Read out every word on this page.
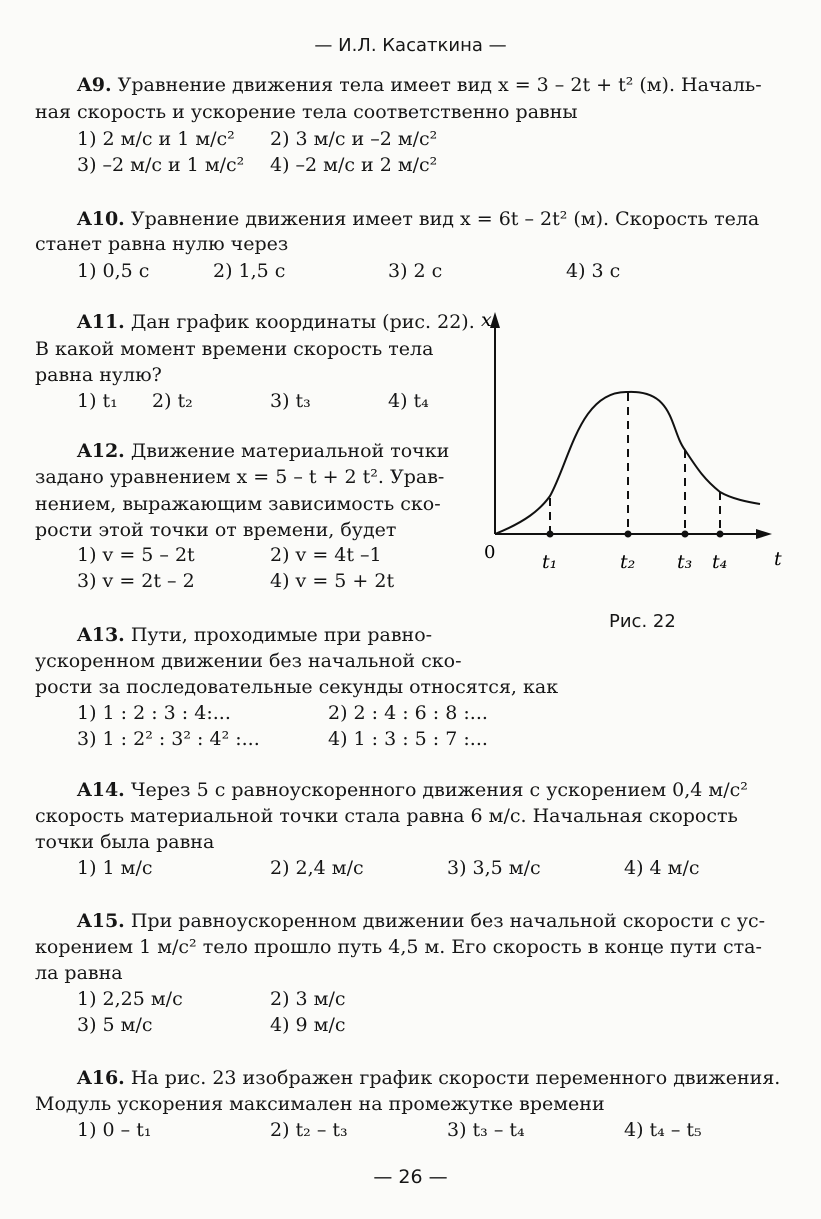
— И.Л. Касаткина —
A9. Уравнение движения тела имеет вид x = 3 – 2t + t² (м). Началь-
ная скорость и ускорение тела соответственно равны
1) 2 м/с и 1 м/с² 2) 3 м/с и –2 м/с²
3) –2 м/с и 1 м/с² 4) –2 м/с и 2 м/с²
A10. Уравнение движения имеет вид x = 6t – 2t² (м). Скорость тела
станет равна нулю через
1) 0,5 с	2) 1,5 с	3) 2 с	4) 3 с
A11. Дан график координаты (рис. 22).
В какой момент времени скорость тела
равна нулю?
1) t₁ 2) t₂	3) t₃	4) t₄
A12. Движение материальной точки
задано уравнением x = 5 – t + 2 t². Урав-
нением, выражающим зависимость ско-
рости этой точки от времени, будет
1) v = 5 – 2t	2) v = 4t –1
3) v = 2t – 2	4) v = 5 + 2t
x
t
0 t₁	t₂ t₃ t₄
Рис. 22
A13. Пути, проходимые при равно-
ускоренном движении без начальной ско-
рости за последовательные секунды относятся, как
1) 1 : 2 : 3 : 4:...	2) 2 : 4 : 6 : 8 :...
3) 1 : 2² : 3² : 4² :...	4) 1 : 3 : 5 : 7 :...
A14. Через 5 с равноускоренного движения с ускорением 0,4 м/с²
скорость материальной точки стала равна 6 м/с. Начальная скорость
точки была равна
1) 1 м/с	2) 2,4 м/с	3) 3,5 м/с	4) 4 м/с
A15. При равноускоренном движении без начальной скорости с ус-
корением 1 м/с² тело прошло путь 4,5 м. Его скорость в конце пути ста-
ла равна
1) 2,25 м/с	2) 3 м/с
3) 5 м/с	4) 9 м/с
A16. На рис. 23 изображен график скорости переменного движения.
Модуль ускорения максимален на промежутке времени
1) 0 – t₁	2) t₂ – t₃	3) t₃ – t₄	4) t₄ – t₅
— 26 —
